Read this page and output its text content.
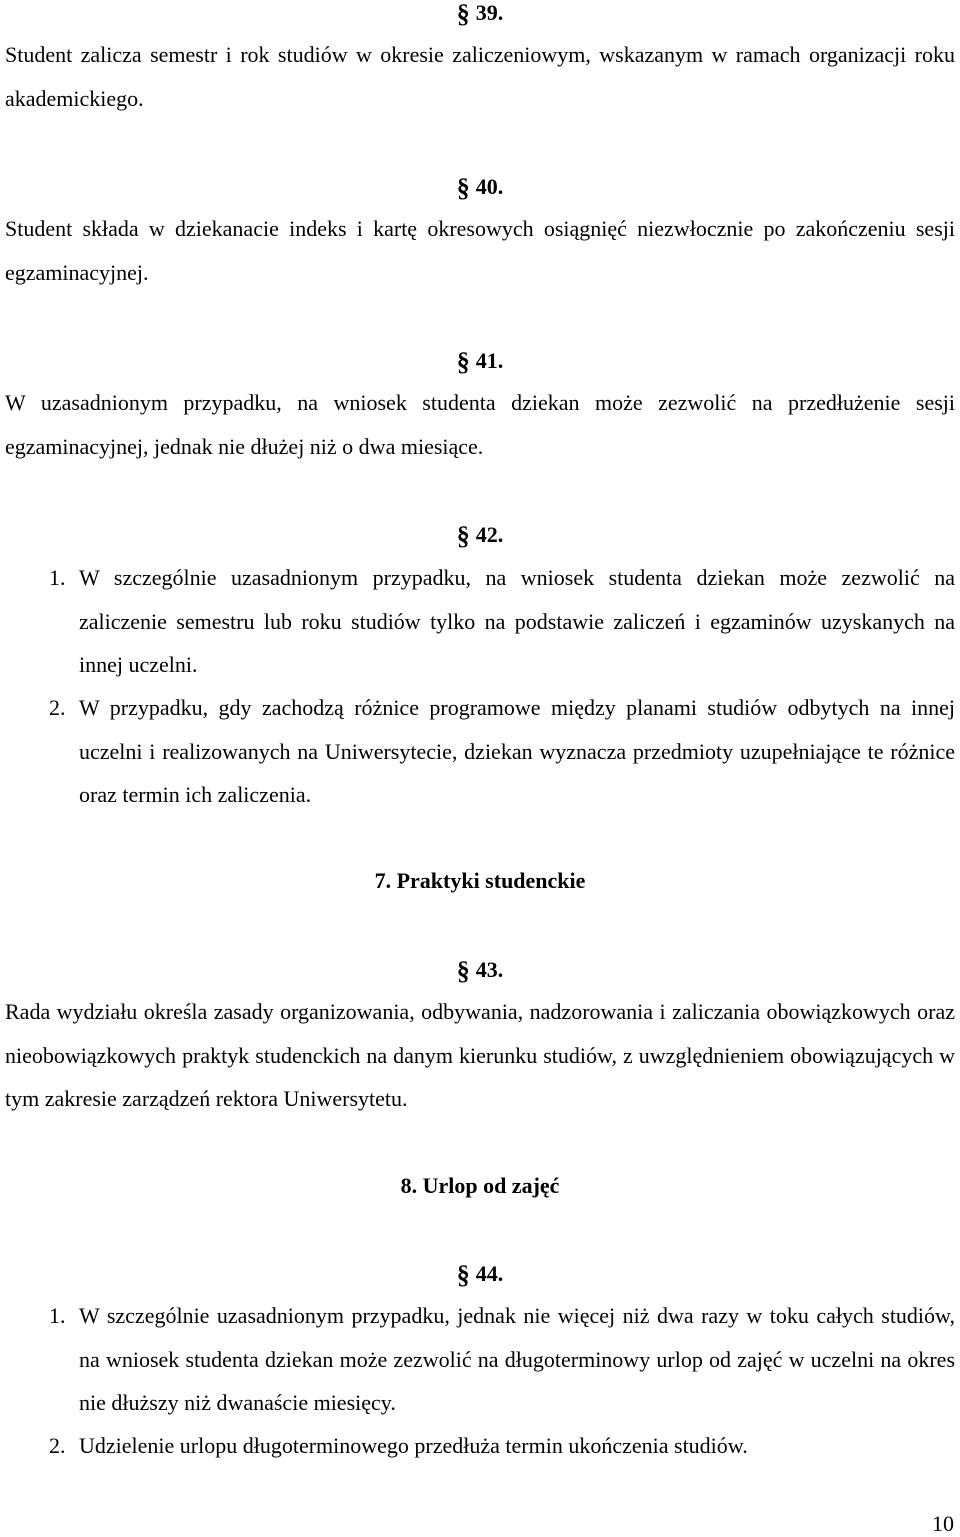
§ 39.
Student zalicza semestr i rok studiów w okresie zaliczeniowym, wskazanym w ramach organizacji roku akademickiego.
§ 40.
Student składa w dziekanacie indeks i kartę okresowych osiągnięć niezwłocznie po zakończeniu sesji egzaminacyjnej.
§ 41.
W uzasadnionym przypadku, na wniosek studenta dziekan może zezwolić na przedłużenie sesji egzaminacyjnej, jednak nie dłużej niż o dwa miesiące.
§ 42.
1. W szczególnie uzasadnionym przypadku, na wniosek studenta dziekan może zezwolić na zaliczenie semestru lub roku studiów tylko na podstawie zaliczeń i egzaminów uzyskanych na innej uczelni.
2. W przypadku, gdy zachodzą różnice programowe między planami studiów odbytych na innej uczelni i realizowanych na Uniwersytecie, dziekan wyznacza przedmioty uzupełniające te różnice oraz termin ich zaliczenia.
7. Praktyki studenckie
§ 43.
Rada wydziału określa zasady organizowania, odbywania, nadzorowania i zaliczania obowiązkowych oraz nieobowiązkowych praktyk studenckich na danym kierunku studiów, z uwzględnieniem obowiązujących w tym zakresie zarządzeń rektora Uniwersytetu.
8. Urlop od zajęć
§ 44.
1. W szczególnie uzasadnionym przypadku, jednak nie więcej niż dwa razy w toku całych studiów, na wniosek studenta dziekan może zezwolić na długoterminowy urlop od zajęć w uczelni na okres nie dłuższy niż dwanaście miesięcy.
2. Udzielenie urlopu długoterminowego przedłuża termin ukończenia studiów.
10
